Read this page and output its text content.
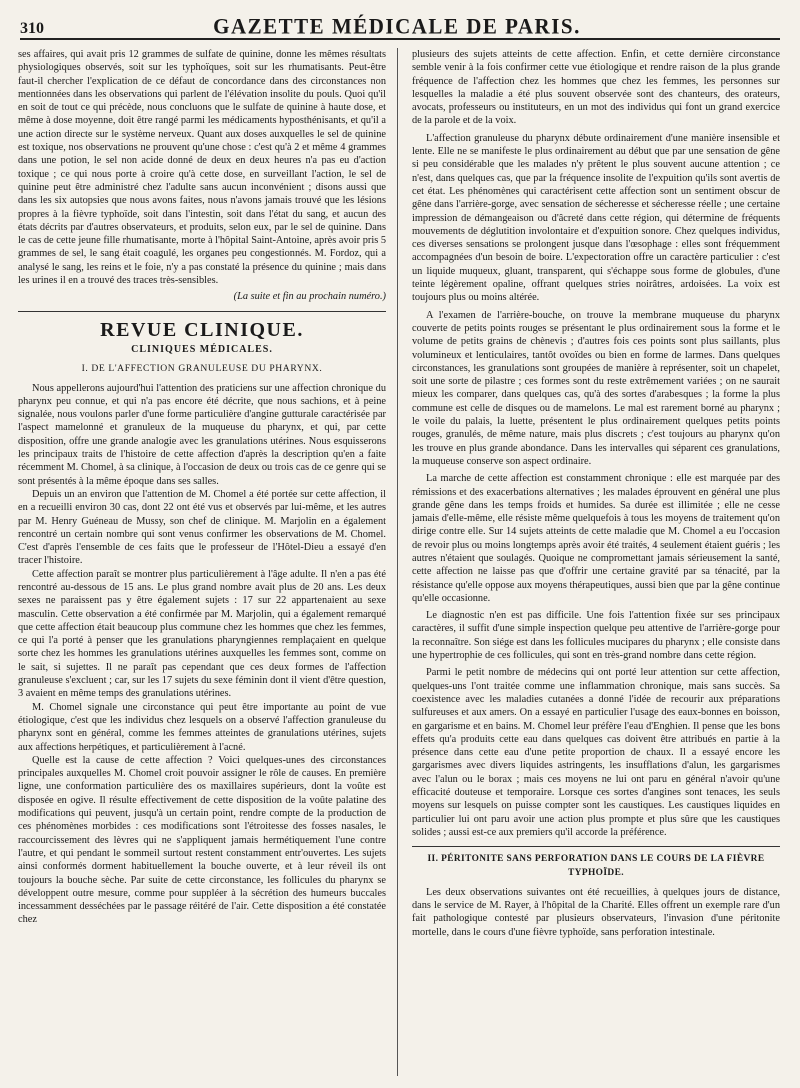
310	GAZETTE MÉDICALE DE PARIS.

ses affaires, qui avait pris 12 grammes de sulfate de quinine, donne les mêmes résultats physiologiques observés, soit sur les typhoïques, soit sur les rhumatisants. Peut-être faut-il chercher l'explication de ce défaut de concordance dans des circonstances non mentionnées dans les observations qui parlent de l'élévation insolite du pouls. Quoi qu'il en soit de tout ce qui précède, nous concluons que le sulfate de quinine à haute dose, et même à dose moyenne, doit être rangé parmi les médicaments hyposthénisants, et qu'il a une action directe sur le système nerveux. Quant aux doses auxquelles le sel de quinine est toxique, nos observations ne prouvent qu'une chose : c'est qu'à 2 et même 4 grammes dans une potion, le sel non acide donné de deux en deux heures n'a pas eu d'action toxique ; ce qui nous porte à croire qu'à cette dose, en surveillant l'action, le sel de quinine peut être administré chez l'adulte sans aucun inconvénient ; disons aussi que dans les six autopsies que nous avons faites, nous n'avons jamais trouvé que les lésions propres à la fièvre typhoïde, soit dans l'intestin, soit dans l'état du sang, et aucun des états décrits par d'autres observateurs, et produits, selon eux, par le sel de quinine. Dans le cas de cette jeune fille rhumatisante, morte à l'hôpital Saint-Antoine, après avoir pris 5 grammes de sel, le sang était coagulé, les organes peu congestionnés. M. Fordoz, qui a analysé le sang, les reins et le foie, n'y a pas constaté la présence du quinine ; mais dans les urines il en a trouvé des traces très-sensibles.

(La suite et fin au prochain numéro.)
REVUE CLINIQUE.
CLINIQUES MÉDICALES.
I. DE L'AFFECTION GRANULEUSE DU PHARYNX.

Nous appellerons aujourd'hui l'attention des praticiens sur une affection chronique du pharynx peu connue, et qui n'a pas encore été décrite, que nous sachions, et à peine signalée, nous voulons parler d'une forme particulière d'angine gutturale caractérisée par l'aspect mamelonné et granuleux de la muqueuse du pharynx, et qui, par cette disposition, offre une grande analogie avec les granulations utérines. Nous esquisserons les principaux traits de l'histoire de cette affection d'après la description qu'en a faite récemment M. Chomel, à sa clinique, à l'occasion de deux ou trois cas de ce genre qui se sont présentés à la même époque dans ses salles.

Depuis un an environ que l'attention de M. Chomel a été portée sur cette affection, il en a recueilli environ 30 cas, dont 22 ont été vus et observés par lui-même, et les autres par M. Henry Guéneau de Mussy, son chef de clinique. M. Marjolin en a également rencontré un certain nombre qui sont venus confirmer les observations de M. Chomel. C'est d'après l'ensemble de ces faits que le professeur de l'Hôtel-Dieu a essayé d'en tracer l'histoire.

Cette affection paraît se montrer plus particulièrement à l'âge adulte. Il n'en a pas été rencontré au-dessous de 15 ans. Le plus grand nombre avait plus de 20 ans. Les deux sexes ne paraissent pas y être également sujets : 17 sur 22 appartenaient au sexe masculin. Cette observation a été confirmée par M. Marjolin, qui a également remarqué que cette affection était beaucoup plus commune chez les hommes que chez les femmes, ce qui l'a porté à penser que les granulations pharyngiennes remplaçaient en quelque sorte chez les hommes les granulations utérines auxquelles les femmes sont, comme on le sait, si sujettes. Il ne paraît pas cependant que ces deux formes de l'affection granuleuse s'excluent ; car, sur les 17 sujets du sexe féminin dont il vient d'être question, 3 avaient en même temps des granulations utérines.

M. Chomel signale une circonstance qui peut être importante au point de vue étiologique, c'est que les individus chez lesquels on a observé l'affection granuleuse du pharynx sont en général, comme les femmes atteintes de granulations utérines, sujets aux affections herpétiques, et particulièrement à l'acné.

Quelle est la cause de cette affection ? Voici quelques-unes des circonstances principales auxquelles M. Chomel croit pouvoir assigner le rôle de causes. En première ligne, une conformation particulière des os maxillaires supérieurs, dont la voûte est disposée en ogive. Il résulte effectivement de cette disposition de la voûte palatine des modifications qui peuvent, jusqu'à un certain point, rendre compte de la production de ces phénomènes morbides : ces modifications sont l'étroitesse des fosses nasales, le raccourcissement des lèvres qui ne s'appliquent jamais hermétiquement l'une contre l'autre, et qui pendant le sommeil surtout restent constamment entr'ouvertes. Les sujets ainsi conformés dorment habituellement la bouche ouverte, et à leur réveil ils ont toujours la bouche sèche. Par suite de cette circonstance, les follicules du pharynx se développent outre mesure, comme pour suppléer à la sécrétion des humeurs buccales incessamment desséchées par le passage réitéré de l'air. Cette disposition a été constatée chez

plusieurs des sujets atteints de cette affection. Enfin, et cette dernière circonstance semble venir à la fois confirmer cette vue étiologique et rendre raison de la plus grande fréquence de l'affection chez les hommes que chez les femmes, les personnes sur lesquelles la maladie a été plus souvent observée sont des chanteurs, des orateurs, avocats, professeurs ou instituteurs, en un mot des individus qui font un grand exercice de la parole et de la voix.

L'affection granuleuse du pharynx débute ordinairement d'une manière insensible et lente. Elle ne se manifeste le plus ordinairement au début que par une sensation de gêne si peu considérable que les malades n'y prêtent le plus souvent aucune attention ; ce n'est, dans quelques cas, que par la fréquence insolite de l'expuition qu'ils sont avertis de cet état. Les phénomènes qui caractérisent cette affection sont un sentiment obscur de gêne dans l'arrière-gorge, avec sensation de sécheresse et sécheresse réelle ; une certaine impression de démangeaison ou d'âcreté dans cette région, qui détermine de fréquents mouvements de déglutition involontaire et d'expuition sonore. Chez quelques individus, ces diverses sensations se prolongent jusque dans l'œsophage : elles sont fréquemment accompagnées d'un besoin de boire. L'expectoration offre un caractère particulier : c'est un liquide muqueux, gluant, transparent, qui s'échappe sous forme de globules, d'une teinte légèrement opaline, offrant quelques stries noirâtres, ardoisées. La voix est toujours plus ou moins altérée.

A l'examen de l'arrière-bouche, on trouve la membrane muqueuse du pharynx couverte de petits points rouges se présentant le plus ordinairement sous la forme et le volume de petits grains de chènevis ; d'autres fois ces points sont plus saillants, plus volumineux et lenticulaires, tantôt ovoïdes ou bien en forme de larmes. Dans quelques circonstances, les granulations sont groupées de manière à représenter, soit un chapelet, soit une sorte de pilastre ; ces formes sont du reste extrêmement variées ; on ne saurait mieux les comparer, dans quelques cas, qu'à des sortes d'arabesques ; la forme la plus commune est celle de disques ou de mamelons. Le mal est rarement borné au pharynx ; le voile du palais, la luette, présentent le plus ordinairement quelques petits points rouges, granulés, de même nature, mais plus discrets ; c'est toujours au pharynx qu'on les trouve en plus grande abondance. Dans les intervalles qui séparent ces granulations, la muqueuse conserve son aspect ordinaire.

La marche de cette affection est constamment chronique : elle est marquée par des rémissions et des exacerbations alternatives ; les malades éprouvent en général une plus grande gêne dans les temps froids et humides. Sa durée est illimitée ; elle ne cesse jamais d'elle-même, elle résiste même quelquefois à tous les moyens de traitement qu'on dirige contre elle. Sur 14 sujets atteints de cette maladie que M. Chomel a eu l'occasion de revoir plus ou moins longtemps après avoir été traités, 4 seulement étaient guéris ; les autres n'étaient que soulagés. Quoique ne compromettant jamais sérieusement la santé, cette affection ne laisse pas que d'offrir une certaine gravité par sa ténacité, par la résistance qu'elle oppose aux moyens thérapeutiques, aussi bien que par la gêne continue qu'elle occasionne.

Le diagnostic n'en est pas difficile. Une fois l'attention fixée sur ses principaux caractères, il suffit d'une simple inspection quelque peu attentive de l'arrière-gorge pour la reconnaître. Son siége est dans les follicules mucipares du pharynx ; elle consiste dans une hypertrophie de ces follicules, qui sont en très-grand nombre dans cette région.

Parmi le petit nombre de médecins qui ont porté leur attention sur cette affection, quelques-uns l'ont traitée comme une inflammation chronique, mais sans succès. Sa coexistence avec les maladies cutanées a donné l'idée de recourir aux préparations sulfureuses et aux amers. On a essayé en particulier l'usage des eaux-bonnes en boisson, en gargarisme et en bains. M. Chomel leur préfère l'eau d'Enghien. Il pense que les bons effets qu'a produits cette eau dans quelques cas doivent être attribués en partie à la présence dans cette eau d'une petite proportion de chaux. Il a essayé encore les gargarismes avec divers liquides astringents, les insufflations d'alun, les gargarismes avec l'alun ou le borax ; mais ces moyens ne lui ont paru en général n'avoir qu'une efficacité douteuse et temporaire. Lorsque ces sortes d'angines sont tenaces, les seuls moyens sur lesquels on puisse compter sont les caustiques. Les caustiques liquides en particulier lui ont paru avoir une action plus prompte et plus sûre que les caustiques solides ; aussi est-ce aux premiers qu'il accorde la préférence.

II. PÉRITONITE SANS PERFORATION DANS LE COURS DE LA FIÈVRE TYPHOÏDE.

Les deux observations suivantes ont été recueillies, à quelques jours de distance, dans le service de M. Rayer, à l'hôpital de la Charité. Elles offrent un exemple rare d'un fait pathologique contesté par plusieurs observateurs, l'invasion d'une péritonite mortelle, dans le cours d'une fièvre typhoïde, sans perforation intestinale.
